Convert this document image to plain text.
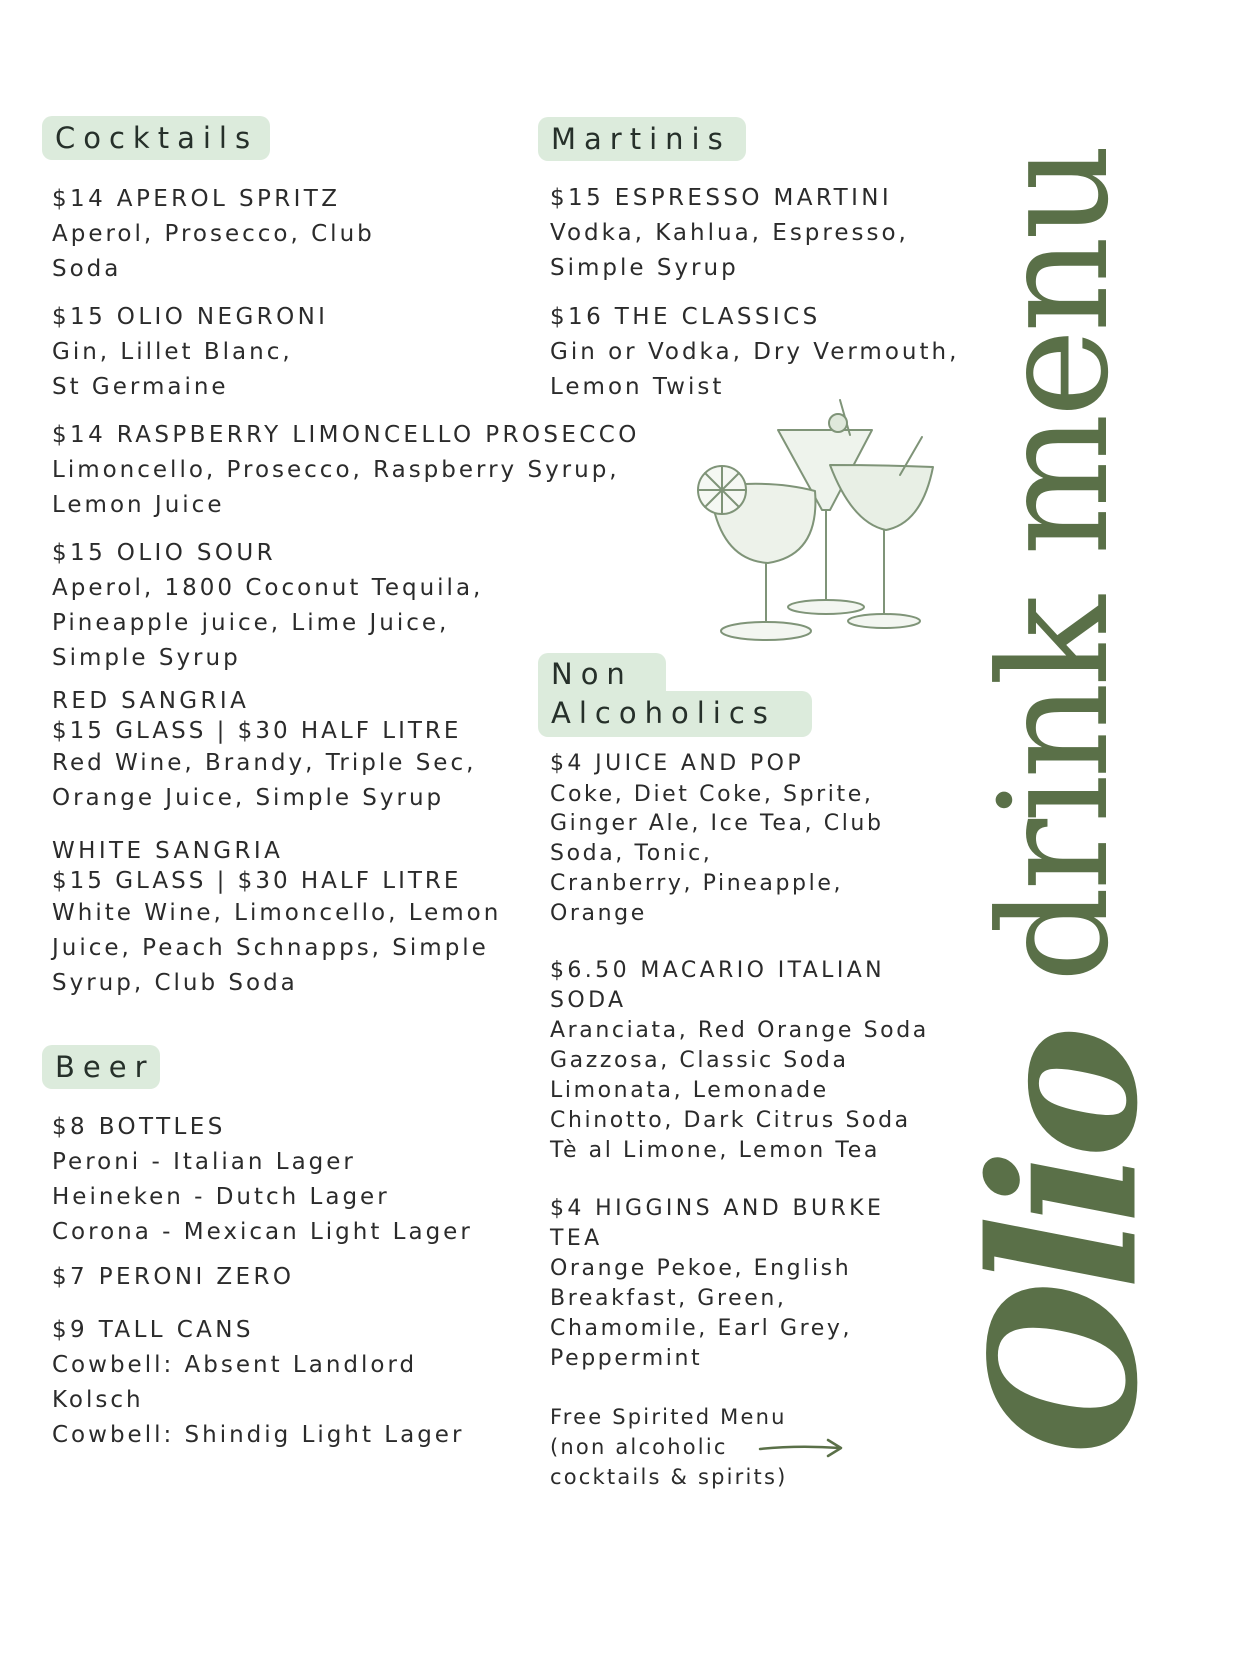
Cocktails	Martinis
Beer
Non
Alcoholics
$14 APEROL SPRITZ
Aperol, Prosecco, Club
Soda
$15 OLIO NEGRONI
Gin, Lillet Blanc,
St Germaine
$14 RASPBERRY LIMONCELLO PROSECCO
Limoncello, Prosecco, Raspberry Syrup,
Lemon Juice
$15 OLIO SOUR
Aperol, 1800 Coconut Tequila,
Pineapple juice, Lime Juice,
Simple Syrup
RED SANGRIA
$15 GLASS | $30 HALF LITRE
Red Wine, Brandy, Triple Sec,
Orange Juice, Simple Syrup
WHITE SANGRIA
$15 GLASS | $30 HALF LITRE
White Wine, Limoncello, Lemon
Juice, Peach Schnapps, Simple
Syrup, Club Soda
$8 BOTTLES
Peroni - Italian Lager
Heineken - Dutch Lager
Corona - Mexican Light Lager
$7 PERONI ZERO
$9 TALL CANS
Cowbell: Absent Landlord
Kolsch
Cowbell: Shindig Light Lager
$15 ESPRESSO MARTINI
Vodka, Kahlua, Espresso,
Simple Syrup
$16 THE CLASSICS
Gin or Vodka, Dry Vermouth,
Lemon Twist
$4 JUICE AND POP
Coke, Diet Coke, Sprite,
Ginger Ale, Ice Tea, Club
Soda, Tonic,
Cranberry, Pineapple,
Orange
$6.50 MACARIO ITALIAN
SODA
Aranciata, Red Orange Soda
Gazzosa, Classic Soda
Limonata, Lemonade
Chinotto, Dark Citrus Soda
Tè al Limone, Lemon Tea
$4 HIGGINS AND BURKE
TEA
Orange Pekoe, English
Breakfast, Green,
Chamomile, Earl Grey,
Peppermint
Free Spirited Menu
(non alcoholic
cocktails & spirits)
drink menu
Olio
